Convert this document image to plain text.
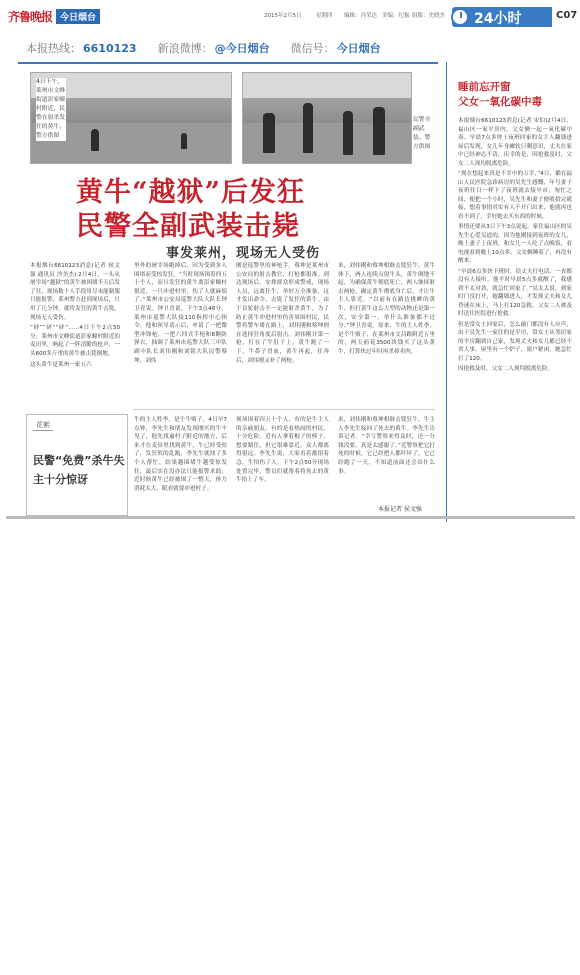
齐鲁晚报 今日烟台	2015年2月5日	星期四 编辑：冯荣达 美编：纪振 组版：史晓杰 24小时	C07
本报热线： 6610123 新浪微博： @今日烟台 微信号： 今日烟台
4日下午，莱州市文峰街道彭家疃村附近，民警在射杀发狂的黄牛。警方供图
民警全副武装。警方供图
黄牛“越狱”后发狂
民警全副武装击毙
事发莱州，现场无人受伤

本报烟台6610123消息(记者 侯文强 通讯员 沙美杰) 2月4日，一头从屠宰场“越狱”的黄牛被困堵半天后发了狂，现场数十人手段用尽未能制服只能报警，莱州警方赶到现场后，只用了几分钟，就将发狂的黄牛击毙，现场无人受伤。

“砰”“砰”“砰”……4日下午2点50分，莱州市文峰街道彭家疃村附近的麦田里，响起了一阵清脆的枪声，一头600多斤重的黄牛被击毙倒地。

这头黄牛是莱州一家五六

里外的屠宰场跑掉后，因为受到多人围堵而受惊发狂。“当时现场围着四五十个人，而且发狂的黄牛离彭家疃村很近，一旦冲进村里，伤了人就麻烦了。”莱州市公安局巡警大队大队长钟卫青说。钟卫青说，下午3点46分，莱州市巡警大队接110指挥中心指令，他和领导请示后，申请了一把微型冲锋枪，一把六四式手枪和8颗防弹衣，抽调了莱州市巡警大队三中队副中队长刘伟刚和刘铭大队民警蔡坤，刘伟
刚是巡警里的神枪手，蔡坤是莱州市公安局的射击教官，打枪都很准。到达现场后，安排群众形成警戒，现场人员，远离狂牛，举好万全准备，这才发出命令，击毙了发狂的黄牛。由于首轮射击不一定能射杀黄牛，为了防止黄牛冲进村里伤害周围村民，民警将警车堵在路上，刘伟刚和蔡坤则在选择狂角度后射击。刘伟刚开第一枪，打在了牛肚子上，黄牛跪了一下，牛鼻子冒血，黄牛再起，狂奔后，刘伟刚又补了两枪。
米，刘伟刚和蔡坤相继击毙狂牛，黄牛体下，两人连续点射牛头，黄牛倒地不起，为确保黄牛彻底死亡，两人继续射击两枪，确定黄牛彻底身亡后，才让牛主人靠近。“以前有在路边挑衅的黄牛，但打黄牛这么大型的动物还是第一次，安全第一，举什么准备都不过分。”钟卫青说。原来，牛的主人姓李，是个牛贩子，在莱州市文昌路附近五里的，两天前花3500块钱买了这头黄牛，打算快过年时再杀掉卖肉。
花絮
民警“免费”杀牛失主十分惊讶
牛的主人姓李，是个牛贩子，4日早7点钟，李先生和朋友发现刚买的牛不见了，他先找遍村子附近的地方，后来才在麦田里找到黄牛，牛已经受惊了，发狂似的乱跑，李先生就找了多个人帮忙，结果越围堵牛越受惊发狂，最后实在没办法只能报警求助。近时候黄牛已经被围了一整天，体力消耗太大，眼看就要冲进村子。
现场围着四五十个人，有的是牛主人的亲戚朋友，有的是看热闹的村民，十分危险。近有人拿着棍子的棒子，想要制住，但它很难靠近，众人都离得很远。李先生说，大家看着都很着急，生怕伤了人。下午2点50分现场处置完毕，警员们就帮着将死去的黄牛抬上了车。
米，刘伟刚和蔡坤相继击毙狂牛，牛主人李先生接回了死去的黄牛。李先生告诉记者：“幸亏警察来得及时，还一分钱没要，真是太感谢了。”近警察把它打死的时候，它已经把人都吓坏了，它已经跑了一天，不知道前面还会出什么事。
本报记者 侯文强
睡前忘开窗
父女一氧化碳中毒

本报烟台6610123消息(记者 宋伯)2月4日，福山区一家平房内，父女俩一起一氧化碳中毒。早晨7点多钟上夜班回家的女主人翻墙进屋后发现，女儿年身瘫软只剩意识，丈夫在家中已经神志不清，庆幸的是，因抢救及时，父女二人现均脱离危险。

“现在想起来真是不幸中的万幸，”4日，躺在福山人民医院急诊病房的吴先生感慨，年号妻子夜班住日一样下了夜班就去接早市，匆忙之间，便把一个小时，吴先生和妻子便收拾完就接，想着事情其实有人不开门出来，他就再也看不到了，幸好她去买东西的时候。

事情还要从3日下午3点说起。家住福山区的吴先生心爱吴道的，因为他刚接到夜班的女儿，晚上妻子上夜班，和女儿一人吃了点晚饭，看电视看到晚上10点多，父女俩睡着了，再没有醒来。

“早晨6点多快下班时，给丈夫打电话，一直都没有人接听，他平时早晨5点多就醒了，我感到不太对劲，就急忙回家了。”吴太太说，到家时门没打开，她翻墙进入，才发现丈夫和女儿昏迷在床上，马上打120急救，父女二人被及时送往医院进行抢救。

但是常女士回家后，怎么敲门都没有人应声，由于吴先生一家住的是平房，常女士从邻居家的平房翻到自己家，发现丈夫和女儿都已经不省人事，屋里有一个炉子，窗户紧闭，她急忙打了120。

因抢救及时，父女二人现均脱离危险。
